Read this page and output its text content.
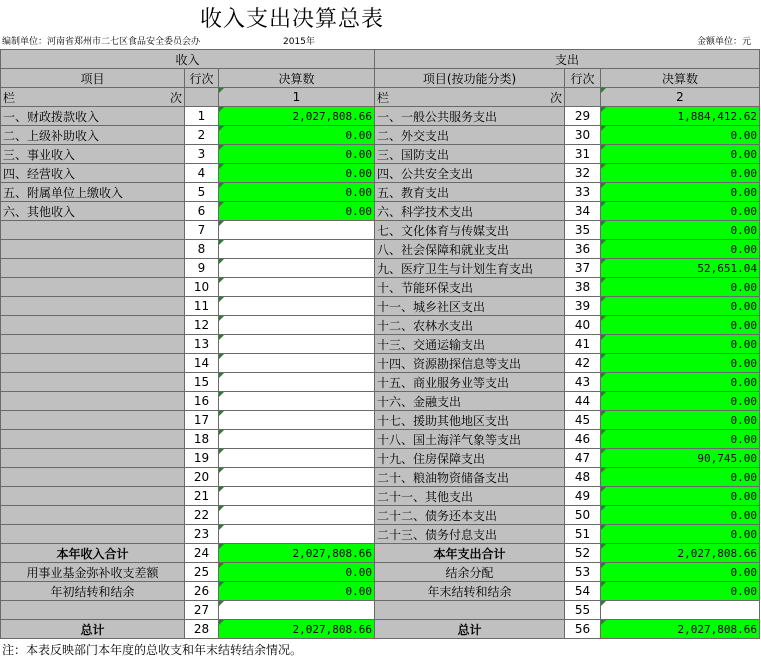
收入支出决算总表
编制单位：河南省郑州市二七区食品安全委员会办	2015年	金额单位：元
收入			支出		
项目	行次	决算数	项目(按功能分类)	行次	决算数

栏 次		1	栏 次		2
一、财政拨款收入	1	2,027,808.66	一、一般公共服务支出	29	1,884,412.62
二、上级补助收入	2	0.00	二、外交支出	30	0.00
三、事业收入	3	0.00	三、国防支出	31	0.00
四、经营收入	4	0.00	四、公共安全支出	32	0.00
五、附属单位上缴收入	5	0.00	五、教育支出	33	0.00
六、其他收入	6	0.00	六、科学技术支出	34	0.00
	7		七、文化体育与传媒支出	35	0.00
	8		八、社会保障和就业支出	36	0.00
	9		九、医疗卫生与计划生育支出	37	52,651.04
	10		十、节能环保支出	38	0.00
	11		十一、城乡社区支出	39	0.00
	12		十二、农林水支出	40	0.00
	13		十三、交通运输支出	41	0.00
	14		十四、资源勘探信息等支出	42	0.00
	15		十五、商业服务业等支出	43	0.00
	16		十六、金融支出	44	0.00
	17		十七、援助其他地区支出	45	0.00
	18		十八、国土海洋气象等支出	46	0.00
	19		十九、住房保障支出	47	90,745.00
	20		二十、粮油物资储备支出	48	0.00
	21		二十一、其他支出	49	0.00
	22		二十二、债务还本支出	50	0.00
	23		二十三、债务付息支出	51	0.00
本年收入合计	24	2,027,808.66	本年支出合计	52	2,027,808.66
用事业基金弥补收支差额	25	0.00	结余分配	53	0.00
年初结转和结余	26	0.00	年末结转和结余	54	0.00
	27			55	
总计	28	2,027,808.66	总计	56	2,027,808.66
注：本表反映部门本年度的总收支和年末结转结余情况。
